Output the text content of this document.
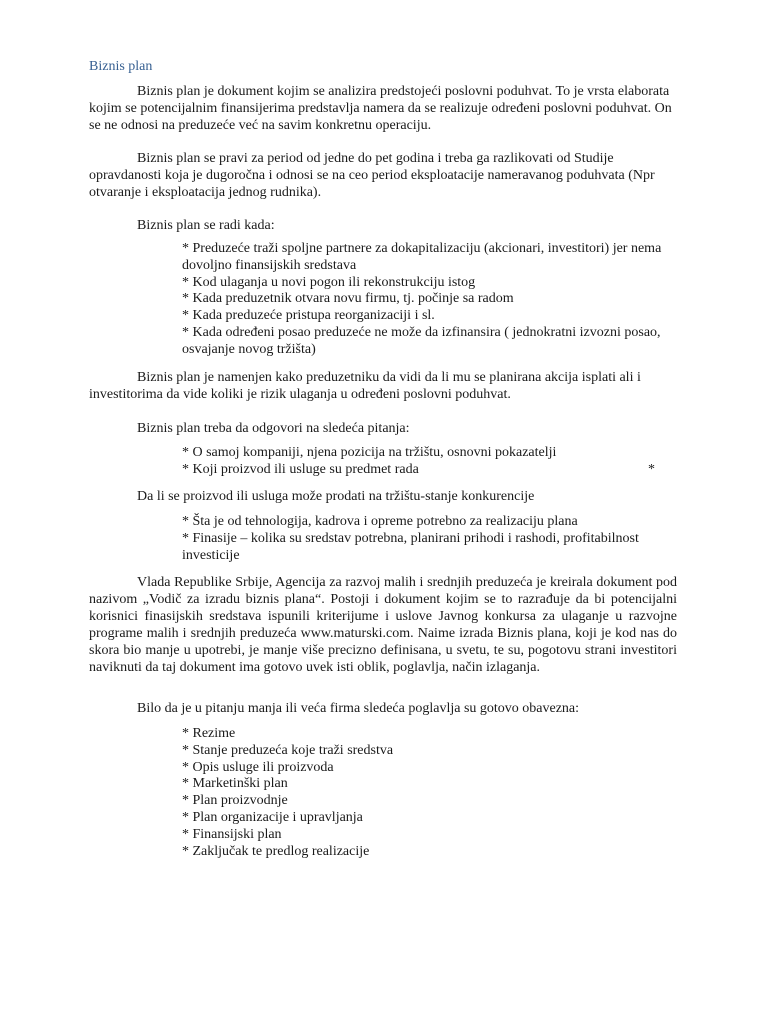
Biznis plan

Biznis plan je dokument kojim se analizira predstojeći poslovni poduhvat. To je vrsta elaborata kojim se potencijalnim finansijerima predstavlja namera da se realizuje određeni poslovni poduhvat. On se ne odnosi na preduzeće već na savim konkretnu operaciju.

Biznis plan se pravi za period od jedne do pet godina i treba ga razlikovati od Studije opravdanosti koja je dugoročna i odnosi se na ceo period eksploatacije nameravanog poduhvata (Npr otvaranje i eksploatacija jednog rudnika).

Biznis plan se radi kada:

* Preduzeće traži spoljne partnere za dokapitalizaciju (akcionari, investitori) jer nema dovoljno finansijskih sredstava
* Kod ulaganja u novi pogon ili rekonstrukciju istog
* Kada preduzetnik otvara novu firmu, tj. počinje sa radom
* Kada preduzeće pristupa reorganizaciji i sl.
* Kada određeni posao preduzeće ne može da izfinansira ( jednokratni izvozni posao, osvajanje novog tržišta)

Biznis plan je namenjen kako preduzetniku da vidi da li mu se planirana akcija isplati ali i investitorima da vide koliki je rizik ulaganja u određeni poslovni poduhvat.

Biznis plan treba da odgovori na sledeća pitanja:

* O samoj kompaniji, njena pozicija na tržištu, osnovni pokazatelji
* Koji proizvod ili usluge su predmet rada	*

Da li se proizvod ili usluga može prodati na tržištu-stanje konkurencije

* Šta je od tehnologija, kadrova i opreme potrebno za realizaciju plana
* Finasije – kolika su sredstav potrebna, planirani prihodi i rashodi, profitabilnost investicije

Vlada Republike Srbije, Agencija za razvoj malih i srednjih preduzeća je kreirala dokument pod nazivom „Vodič za izradu biznis plana“. Postoji i dokument kojim se to razrađuje da bi potencijalni korisnici finasijskih sredstava ispunili kriterijume i uslove Javnog konkursa za ulaganje u razvojne programe malih i srednjih preduzeća www.maturski.com. Naime izrada Biznis plana, koji je kod nas do skora bio manje u upotrebi, je manje više precizno definisana, u svetu, te su, pogotovu strani investitori naviknuti da taj dokument ima gotovo uvek isti oblik, poglavlja, način izlaganja.

Bilo da je u pitanju manja ili veća firma sledeća poglavlja su gotovo obavezna:

* Rezime
* Stanje preduzeća koje traži sredstva
* Opis usluge ili proizvoda
* Marketinški plan
* Plan proizvodnje
* Plan organizacije i upravljanja
* Finansijski plan
* Zaključak te predlog realizacije
